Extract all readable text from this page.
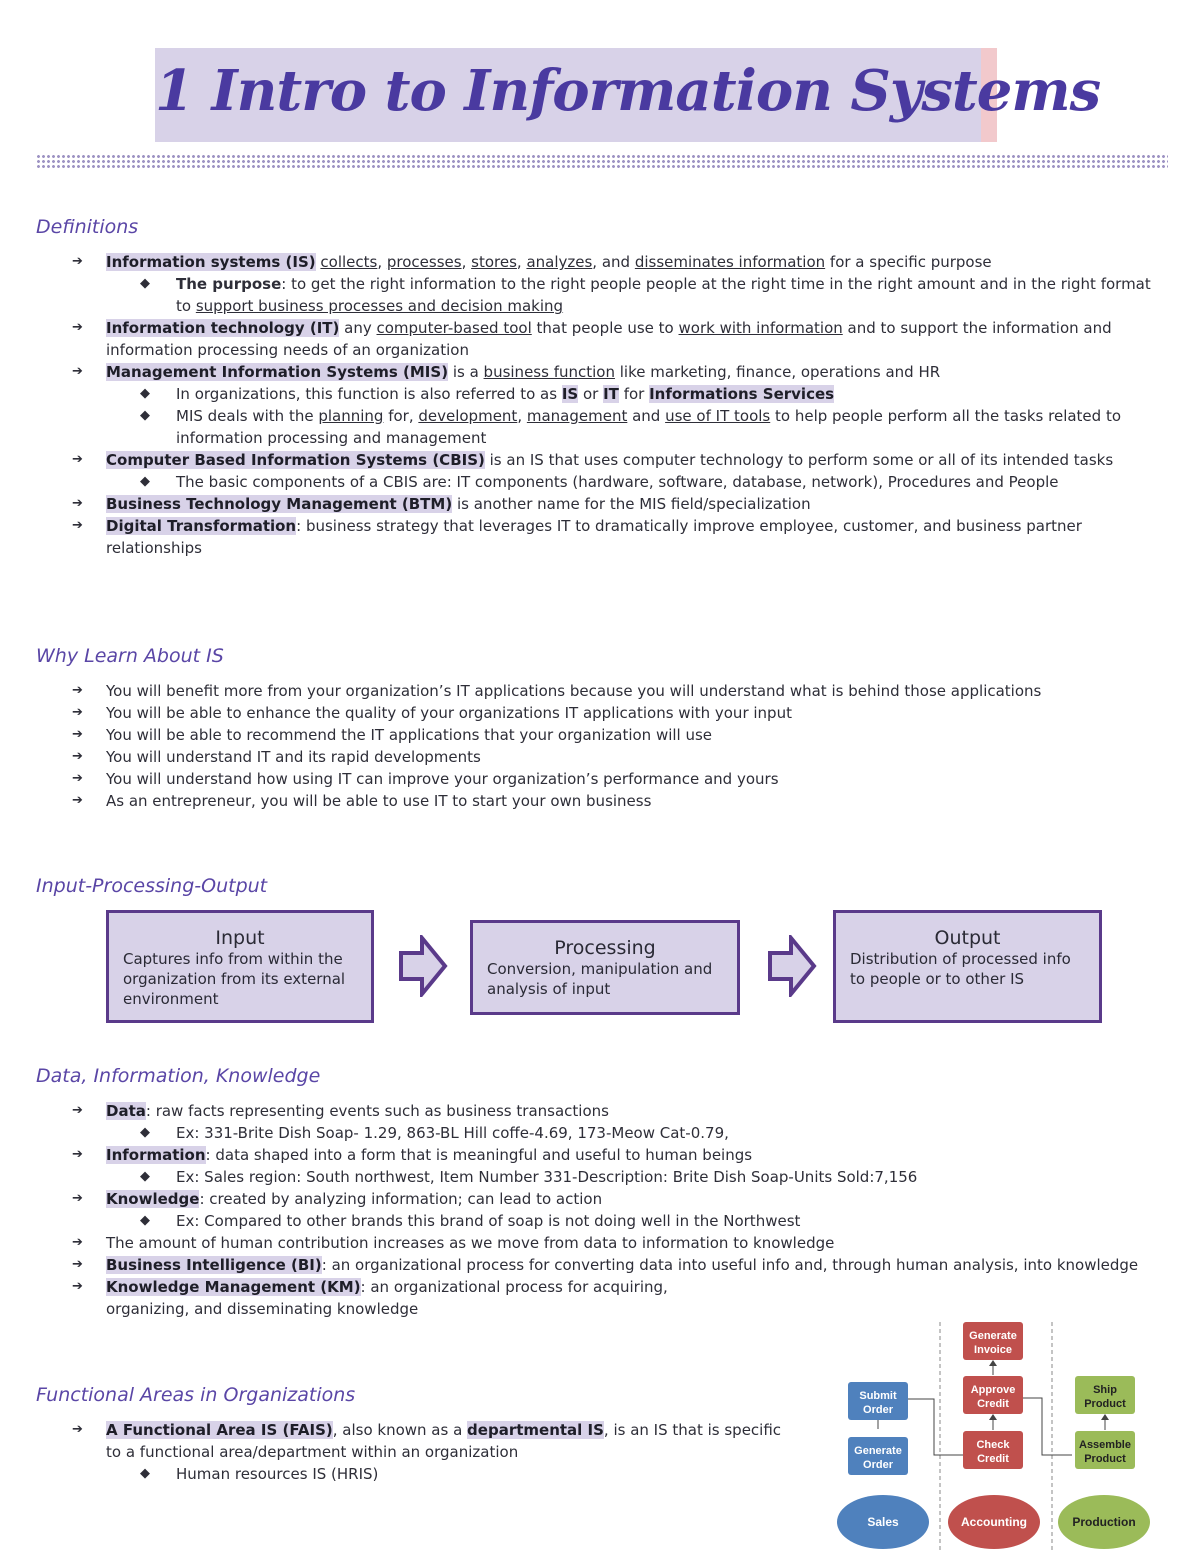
1 Intro to Information Systems
Definitions
➔ Information systems (IS) collects, processes, stores, analyzes, and disseminates information for a specific purpose
◆ The purpose: to get the right information to the right people people at the right time in the right amount and in the right format to support business processes and decision making
➔ Information technology (IT) any computer-based tool that people use to work with information and to support the information and information processing needs of an organization
➔ Management Information Systems (MIS) is a business function like marketing, finance, operations and HR
◆ In organizations, this function is also referred to as IS or IT for Informations Services
◆ MIS deals with the planning for, development, management and use of IT tools to help people perform all the tasks related to information processing and management
➔ Computer Based Information Systems (CBIS) is an IS that uses computer technology to perform some or all of its intended tasks
◆ The basic components of a CBIS are: IT components (hardware, software, database, network), Procedures and People
➔ Business Technology Management (BTM) is another name for the MIS field/specialization
➔ Digital Transformation: business strategy that leverages IT to dramatically improve employee, customer, and business partner relationships
Why Learn About IS
➔ You will benefit more from your organization’s IT applications because you will understand what is behind those applications
➔ You will be able to enhance the quality of your organizations IT applications with your input
➔ You will be able to recommend the IT applications that your organization will use
➔ You will understand IT and its rapid developments
➔ You will understand how using IT can improve your organization’s performance and yours
➔ As an entrepreneur, you will be able to use IT to start your own business
Input-Processing-Output
Input
Captures info from within the organization from its external environment
Processing
Conversion, manipulation and analysis of input
Output
Distribution of processed info to people or to other IS
Data, Information, Knowledge
➔ Data: raw facts representing events such as business transactions
◆ Ex: 331-Brite Dish Soap- 1.29, 863-BL Hill coffe-4.69, 173-Meow Cat-0.79,
➔ Information: data shaped into a form that is meaningful and useful to human beings
◆ Ex: Sales region: South northwest, Item Number 331-Description: Brite Dish Soap-Units Sold:7,156
➔ Knowledge: created by analyzing information; can lead to action
◆ Ex: Compared to other brands this brand of soap is not doing well in the Northwest
➔ The amount of human contribution increases as we move from data to information to knowledge
➔ Business Intelligence (BI): an organizational process for converting data into useful info and, through human analysis, into knowledge
➔ Knowledge Management (KM): an organizational process for acquiring, organizing, and disseminating knowledge
Functional Areas in Organizations
➔ A Functional Area IS (FAIS), also known as a departmental IS, is an IS that is specific to a functional area/department within an organization
◆ Human resources IS (HRIS)
Submit
Order
Generate
Order
Generate
Invoice
Approve
Credit
Check
Credit
Ship
Product
Assemble
Product
Sales	Accounting	Production
